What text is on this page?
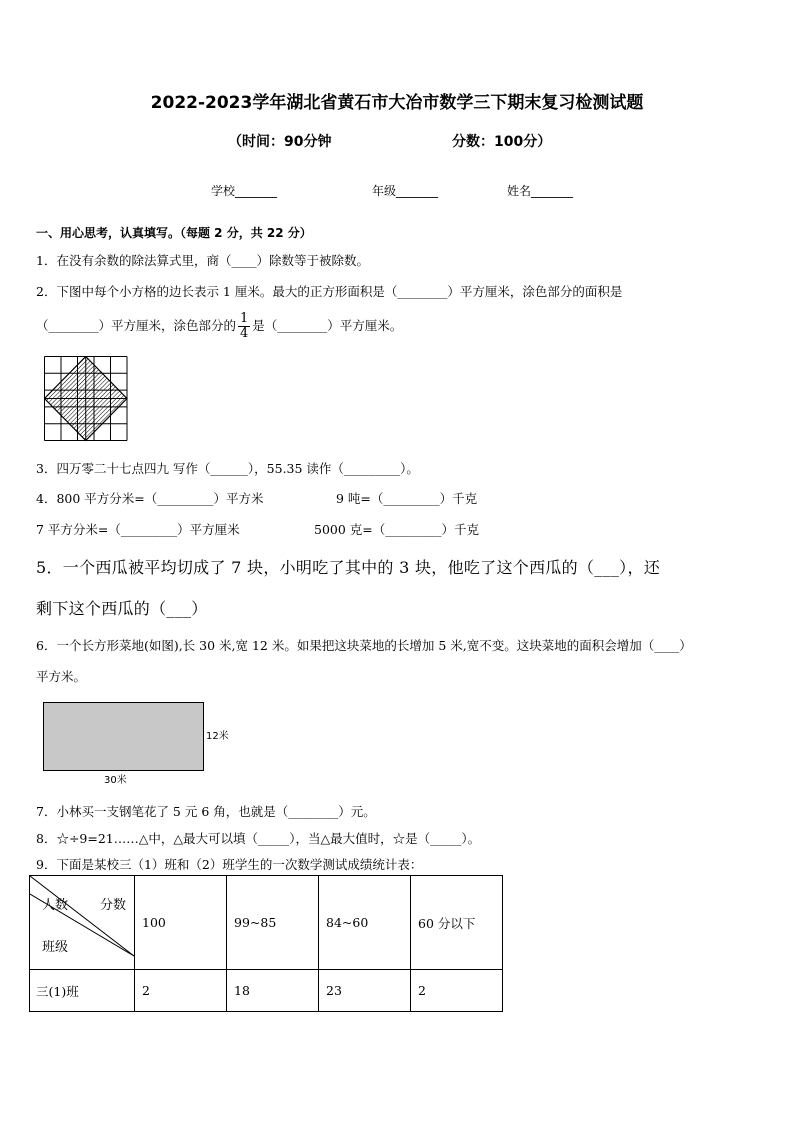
2022-2023学年湖北省黄石市大冶市数学三下期末复习检测试题
（时间：90分钟	分数：100分）
学校_______	年级_______	姓名_______
一、用心思考，认真填写。（每题 2 分，共 22 分）
1．在没有余数的除法算式里，商（____）除数等于被除数。
2．下图中每个小方格的边长表示 1 厘米。最大的正方形面积是（________）平方厘米，涂色部分的面积是
（________）平方厘米，涂色部分的 $\frac{1}{4}$ 是（________）平方厘米。
3．四万零二十七点四九 写作（______），55.35 读作（_________）。
4．800 平方分米=（_________）平方米	9 吨=（_________）千克
7 平方分米=（_________）平方厘米	5000 克=（_________）千克
5．一个西瓜被平均切成了 7 块，小明吃了其中的 3 块，他吃了这个西瓜的（___），还
剩下这个西瓜的（___）
6．一个长方形菜地(如图),长 30 米,宽 12 米。如果把这块菜地的长增加 5 米,宽不变。这块菜地的面积会增加（____）
平方米。
12米
30米
7．小林买一支钢笔花了 5 元 6 角，也就是（________）元。
8．☆÷9=21……△中，△最大可以填（_____），当△最大值时，☆是（_____）。
9．下面是某校三（1）班和（2）班学生的一次数学测试成绩统计表：
人数 分数
班级	100	99~85	84~60	60 分以下
三(1)班	2	18	23	2
